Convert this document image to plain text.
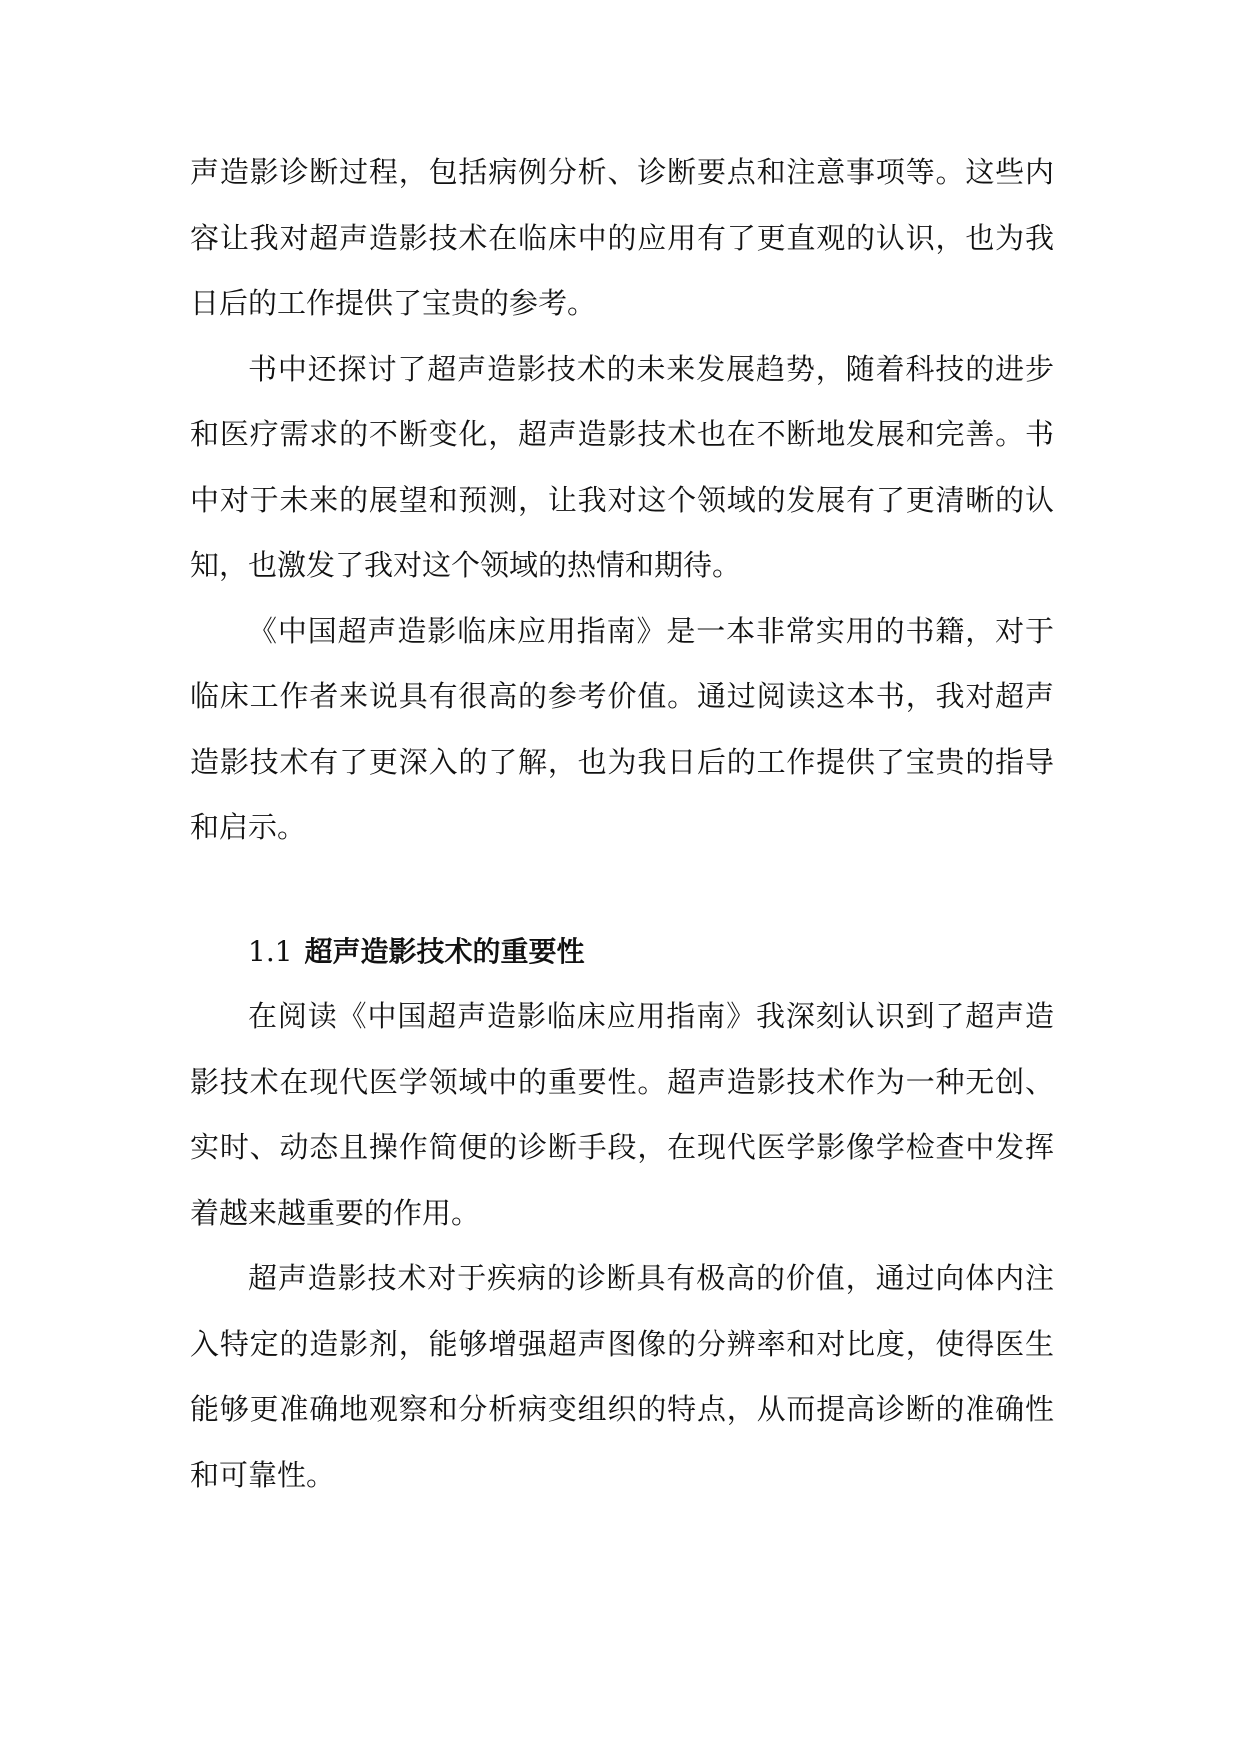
声造影诊断过程，包括病例分析、诊断要点和注意事项等。这些内容让我对超声造影技术在临床中的应用有了更直观的认识，也为我日后的工作提供了宝贵的参考。

书中还探讨了超声造影技术的未来发展趋势，随着科技的进步和医疗需求的不断变化，超声造影技术也在不断地发展和完善。书中对于未来的展望和预测，让我对这个领域的发展有了更清晰的认知，也激发了我对这个领域的热情和期待。

《中国超声造影临床应用指南》是一本非常实用的书籍，对于临床工作者来说具有很高的参考价值。通过阅读这本书，我对超声造影技术有了更深入的了解，也为我日后的工作提供了宝贵的指导和启示。

1.1 超声造影技术的重要性

在阅读《中国超声造影临床应用指南》我深刻认识到了超声造影技术在现代医学领域中的重要性。超声造影技术作为一种无创、实时、动态且操作简便的诊断手段，在现代医学影像学检查中发挥着越来越重要的作用。

超声造影技术对于疾病的诊断具有极高的价值，通过向体内注入特定的造影剂，能够增强超声图像的分辨率和对比度，使得医生能够更准确地观察和分析病变组织的特点，从而提高诊断的准确性和可靠性。
